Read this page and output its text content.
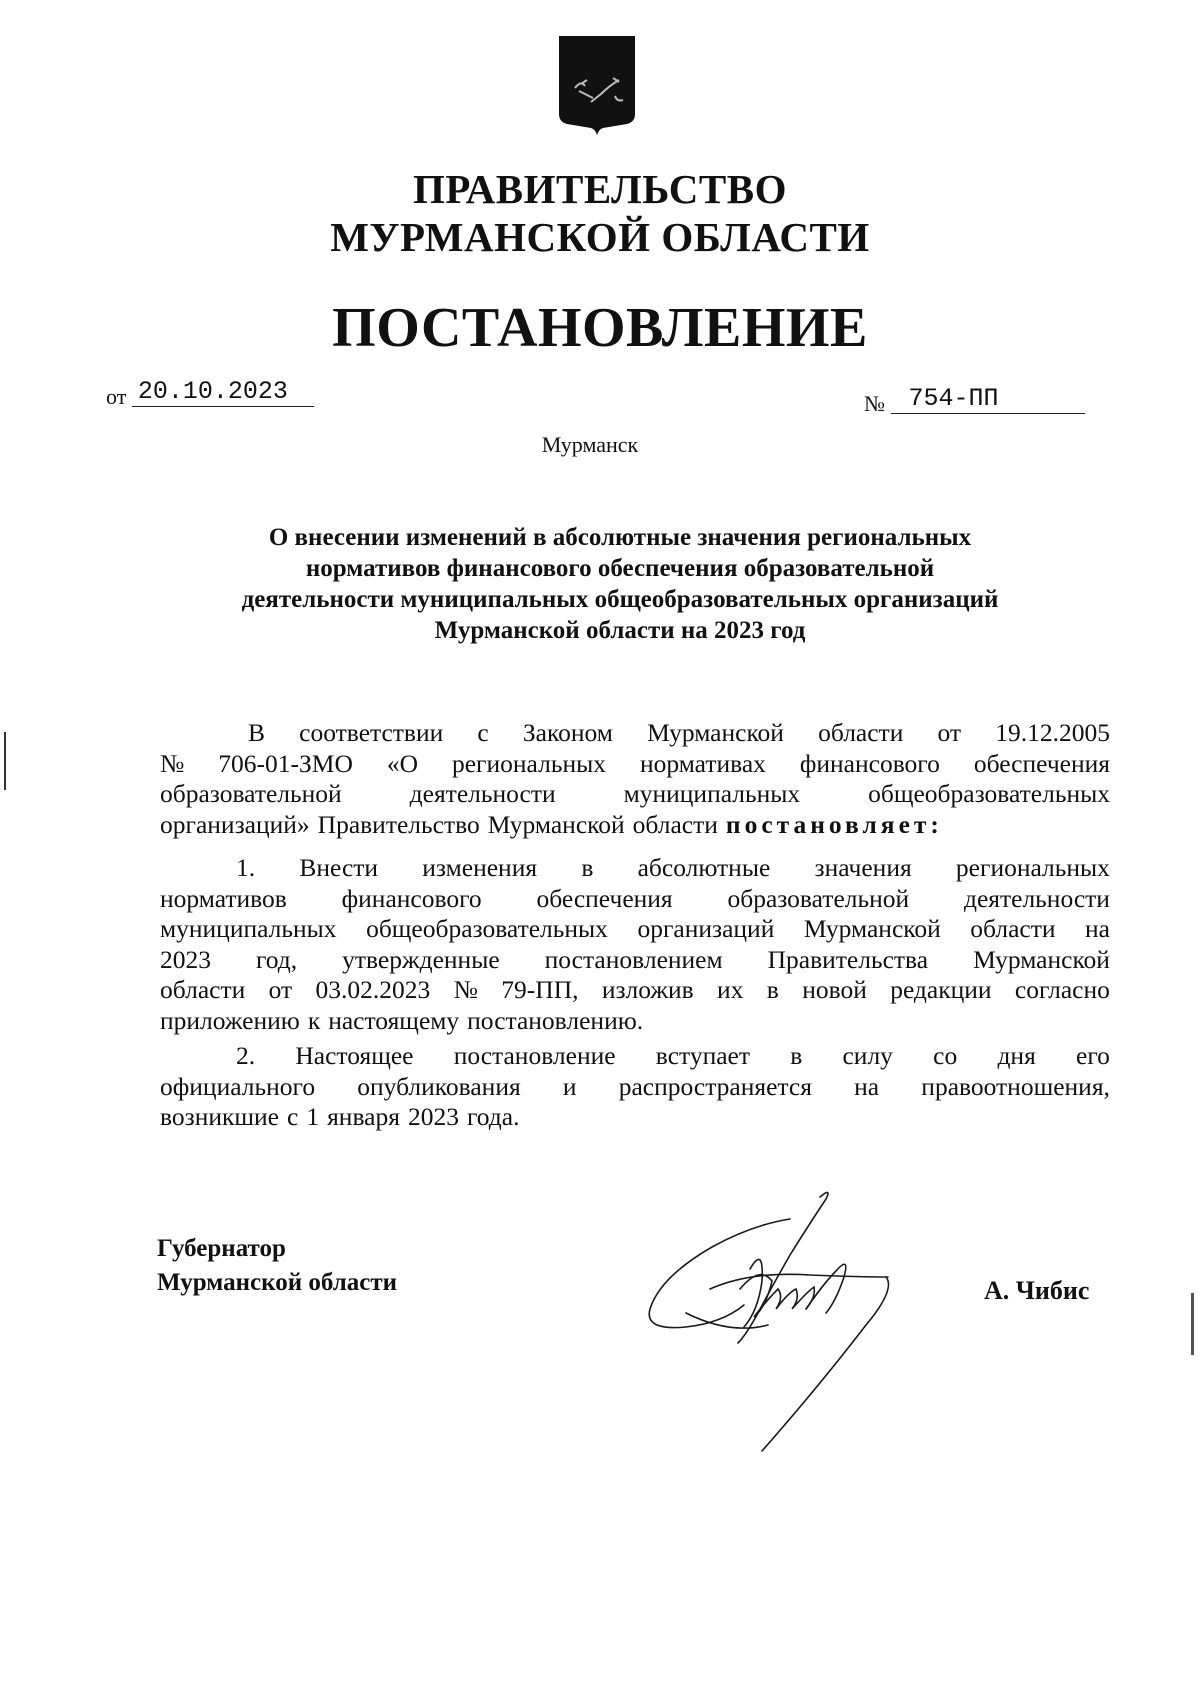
ПРАВИТЕЛЬСТВО
МУРМАНСКОЙ ОБЛАСТИ
ПОСТАНОВЛЕНИЕ
от 20.10.2023	№ 754-ПП
Мурманск
О внесении изменений в абсолютные значения региональных
нормативов финансового обеспечения образовательной
деятельности муниципальных общеобразовательных организаций
Мурманской области на 2023 год
В соответствии с Законом Мурманской области от 19.12.2005
№ 706-01-ЗМО «О региональных нормативах финансового обеспечения
образовательной	деятельности	муниципальных	общеобразовательных
организаций» Правительство Мурманской области постановляет:
1. Внести изменения в абсолютные значения региональных
нормативов финансового обеспечения образовательной деятельности
муниципальных общеобразовательных организаций Мурманской области на
2023 год, утвержденные постановлением Правительства Мурманской
области от 03.02.2023 № 79-ПП, изложив их в новой редакции согласно
приложению к настоящему постановлению.
2. Настоящее постановление вступает в силу со дня его
официального опубликования и распространяется на правоотношения,
возникшие с 1 января 2023 года.
Губернатор
Мурманской области	А. Чибис
